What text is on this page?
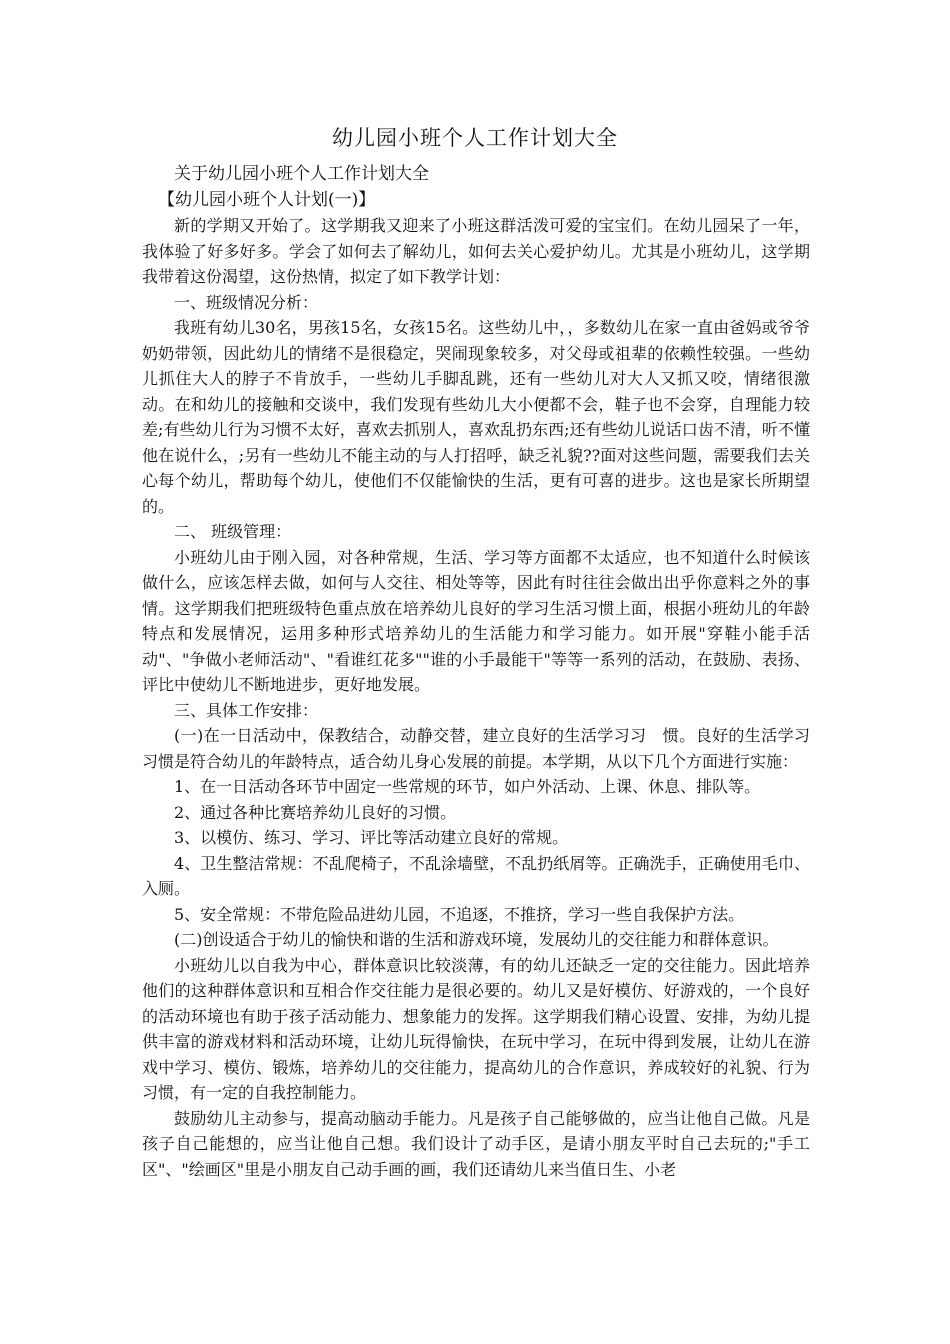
幼儿园小班个人工作计划大全

关于幼儿园小班个人工作计划大全

【幼儿园小班个人计划(一)】

新的学期又开始了。这学期我又迎来了小班这群活泼可爱的宝宝们。在幼儿园呆了一年，我体验了好多好多。学会了如何去了解幼儿，如何去关心爱护幼儿。尤其是小班幼儿，这学期我带着这份渴望，这份热情，拟定了如下教学计划：

一、班级情况分析：

我班有幼儿30名，男孩15名，女孩15名。这些幼儿中，，多数幼儿在家一直由爸妈或爷爷奶奶带领，因此幼儿的情绪不是很稳定，哭闹现象较多，对父母或祖辈的依赖性较强。一些幼儿抓住大人的脖子不肯放手，一些幼儿手脚乱跳，还有一些幼儿对大人又抓又咬，情绪很激动。在和幼儿的接触和交谈中，我们发现有些幼儿大小便都不会，鞋子也不会穿，自理能力较差;有些幼儿行为习惯不太好，喜欢去抓别人，喜欢乱扔东西;还有些幼儿说话口齿不清，听不懂他在说什么，;另有一些幼儿不能主动的与人打招呼，缺乏礼貌??面对这些问题，需要我们去关心每个幼儿，帮助每个幼儿，使他们不仅能愉快的生活，更有可喜的进步。这也是家长所期望的。

二、 班级管理：

小班幼儿由于刚入园，对各种常规，生活、学习等方面都不太适应，也不知道什么时候该做什么，应该怎样去做，如何与人交往、相处等等，因此有时往往会做出出乎你意料之外的事情。这学期我们把班级特色重点放在培养幼儿良好的学习生活习惯上面，根据小班幼儿的年龄特点和发展情况，运用多种形式培养幼儿的生活能力和学习能力。如开展"穿鞋小能手活动"、"争做小老师活动"、"看谁红花多""谁的小手最能干"等等一系列的活动，在鼓励、表扬、评比中使幼儿不断地进步，更好地发展。

三、具体工作安排：

(一)在一日活动中，保教结合，动静交替，建立良好的生活学习习　惯。良好的生活学习习惯是符合幼儿的年龄特点，适合幼儿身心发展的前提。本学期，从以下几个方面进行实施：

1、在一日活动各环节中固定一些常规的环节，如户外活动、上课、休息、排队等。

2、通过各种比赛培养幼儿良好的习惯。

3、以模仿、练习、学习、评比等活动建立良好的常规。

4、卫生整洁常规：不乱爬椅子，不乱涂墙壁，不乱扔纸屑等。正确洗手，正确使用毛巾、入厕。

5、安全常规：不带危险品进幼儿园，不追逐，不推挤，学习一些自我保护方法。

(二)创设适合于幼儿的愉快和谐的生活和游戏环境，发展幼儿的交往能力和群体意识。

小班幼儿以自我为中心，群体意识比较淡薄，有的幼儿还缺乏一定的交往能力。因此培养他们的这种群体意识和互相合作交往能力是很必要的。幼儿又是好模仿、好游戏的，一个良好的活动环境也有助于孩子活动能力、想象能力的发挥。这学期我们精心设置、安排，为幼儿提供丰富的游戏材料和活动环境，让幼儿玩得愉快，在玩中学习，在玩中得到发展，让幼儿在游戏中学习、模仿、锻炼，培养幼儿的交往能力，提高幼儿的合作意识，养成较好的礼貌、行为习惯，有一定的自我控制能力。

鼓励幼儿主动参与，提高动脑动手能力。凡是孩子自己能够做的，应当让他自己做。凡是孩子自己能想的，应当让他自己想。我们设计了动手区，是请小朋友平时自己去玩的;"手工区"、"绘画区"里是小朋友自己动手画的画，我们还请幼儿来当值日生、小老
